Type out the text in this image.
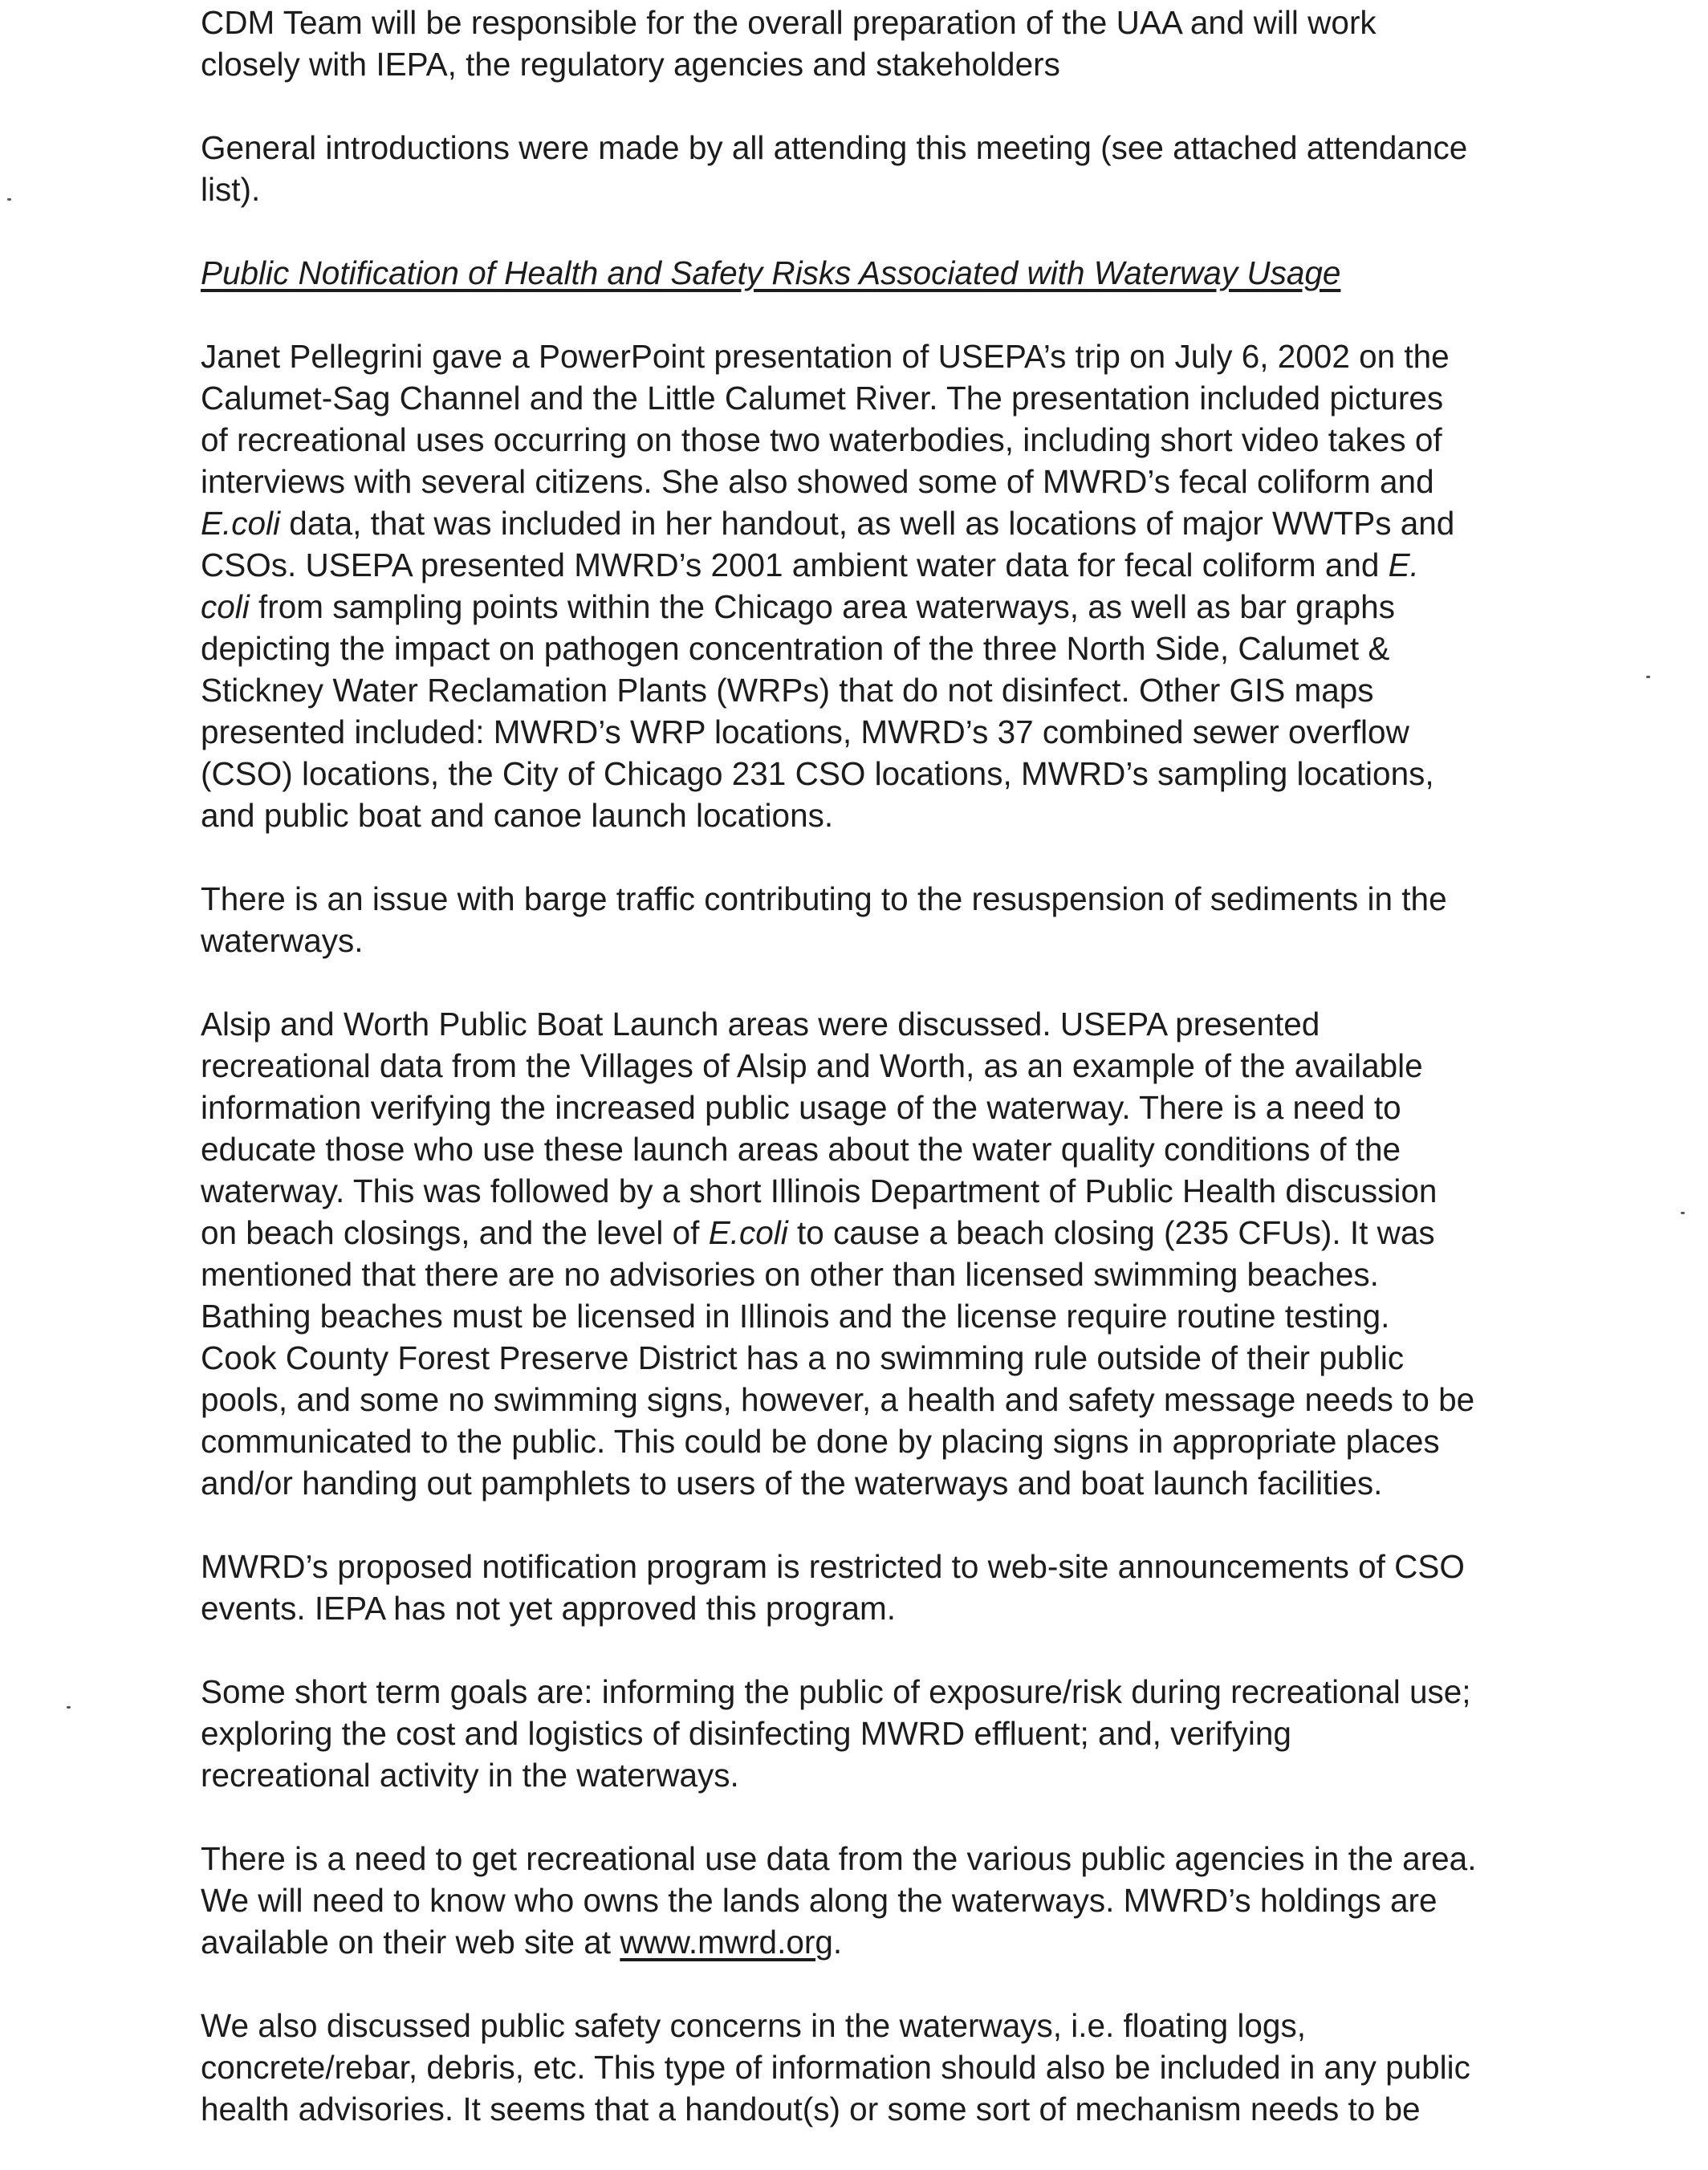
CDM Team will be responsible for the overall preparation of the UAA and will work
closely with IEPA, the regulatory agencies and stakeholders
General introductions were made by all attending this meeting (see attached attendance
list).
Public Notification of Health and Safety Risks Associated with Waterway Usage
Janet Pellegrini gave a PowerPoint presentation of USEPA’s trip on July 6, 2002 on the
Calumet-Sag Channel and the Little Calumet River. The presentation included pictures
of recreational uses occurring on those two waterbodies, including short video takes of
interviews with several citizens. She also showed some of MWRD’s fecal coliform and
E.coli data, that was included in her handout, as well as locations of major WWTPs and
CSOs. USEPA presented MWRD’s 2001 ambient water data for fecal coliform and E.
coli from sampling points within the Chicago area waterways, as well as bar graphs
depicting the impact on pathogen concentration of the three North Side, Calumet &
Stickney Water Reclamation Plants (WRPs) that do not disinfect. Other GIS maps
presented included: MWRD’s WRP locations, MWRD’s 37 combined sewer overflow
(CSO) locations, the City of Chicago 231 CSO locations, MWRD’s sampling locations,
and public boat and canoe launch locations.
There is an issue with barge traffic contributing to the resuspension of sediments in the
waterways.
Alsip and Worth Public Boat Launch areas were discussed. USEPA presented
recreational data from the Villages of Alsip and Worth, as an example of the available
information verifying the increased public usage of the waterway. There is a need to
educate those who use these launch areas about the water quality conditions of the
waterway. This was followed by a short Illinois Department of Public Health discussion
on beach closings, and the level of E.coli to cause a beach closing (235 CFUs). It was
mentioned that there are no advisories on other than licensed swimming beaches.
Bathing beaches must be licensed in Illinois and the license require routine testing.
Cook County Forest Preserve District has a no swimming rule outside of their public
pools, and some no swimming signs, however, a health and safety message needs to be
communicated to the public. This could be done by placing signs in appropriate places
and/or handing out pamphlets to users of the waterways and boat launch facilities.
MWRD’s proposed notification program is restricted to web-site announcements of CSO
events. IEPA has not yet approved this program.
Some short term goals are: informing the public of exposure/risk during recreational use;
exploring the cost and logistics of disinfecting MWRD effluent; and, verifying
recreational activity in the waterways.
There is a need to get recreational use data from the various public agencies in the area.
We will need to know who owns the lands along the waterways. MWRD’s holdings are
available on their web site at www.mwrd.org.
We also discussed public safety concerns in the waterways, i.e. floating logs,
concrete/rebar, debris, etc. This type of information should also be included in any public
health advisories. It seems that a handout(s) or some sort of mechanism needs to be
